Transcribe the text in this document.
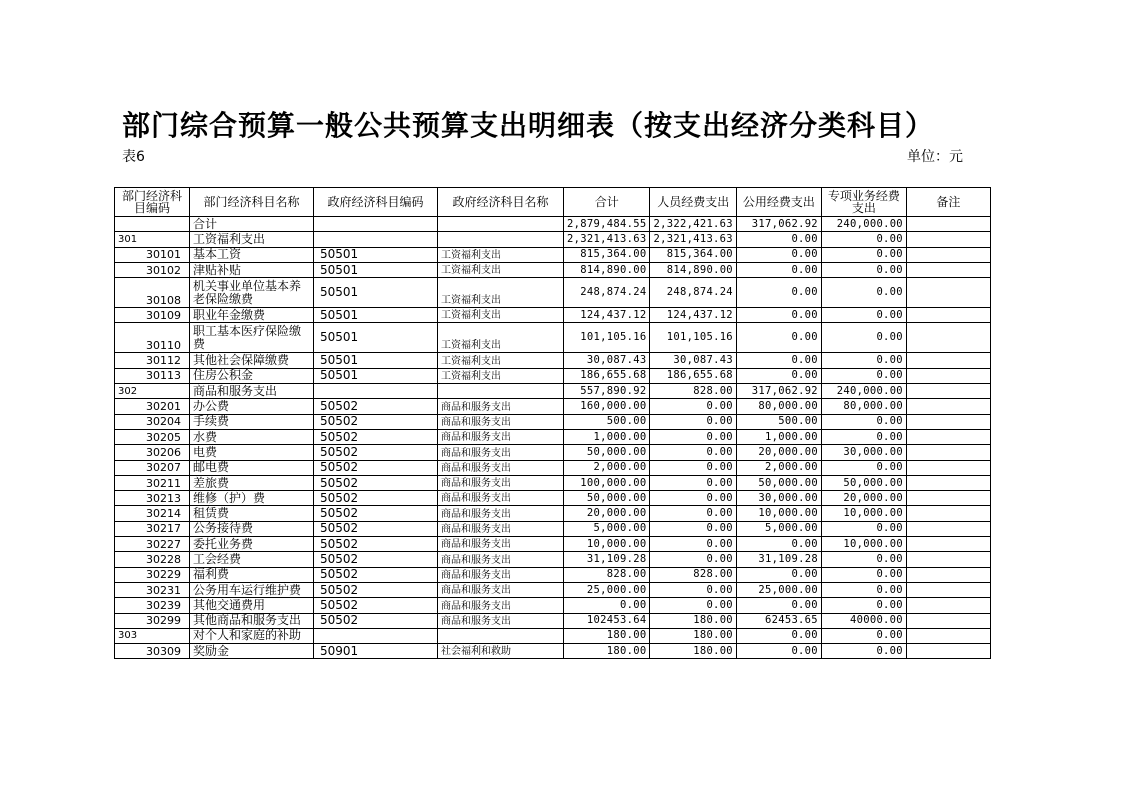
部门综合预算一般公共预算支出明细表（按支出经济分类科目）
表6	单位：元
部门经济科目编码	部门经济科目名称	政府经济科目编码	政府经济科目名称	合计	人员经费支出	公用经费支出	专项业务经费支出	备注
	合计			2,879,484.55	2,322,421.63	317,062.92	240,000.00	
301	工资福利支出			2,321,413.63	2,321,413.63	0.00	0.00	
30101	基本工资	50501	工资福利支出	815,364.00	815,364.00	0.00	0.00	
30102	津贴补贴	50501	工资福利支出	814,890.00	814,890.00	0.00	0.00	
30108	机关事业单位基本养老保险缴费	50501	工资福利支出	248,874.24	248,874.24	0.00	0.00	
30109	职业年金缴费	50501	工资福利支出	124,437.12	124,437.12	0.00	0.00	
30110	职工基本医疗保险缴费	50501	工资福利支出	101,105.16	101,105.16	0.00	0.00	
30112	其他社会保障缴费	50501	工资福利支出	30,087.43	30,087.43	0.00	0.00	
30113	住房公积金	50501	工资福利支出	186,655.68	186,655.68	0.00	0.00	
302	商品和服务支出			557,890.92	828.00	317,062.92	240,000.00	
30201	办公费	50502	商品和服务支出	160,000.00	0.00	80,000.00	80,000.00	
30204	手续费	50502	商品和服务支出	500.00	0.00	500.00	0.00	
30205	水费	50502	商品和服务支出	1,000.00	0.00	1,000.00	0.00	
30206	电费	50502	商品和服务支出	50,000.00	0.00	20,000.00	30,000.00	
30207	邮电费	50502	商品和服务支出	2,000.00	0.00	2,000.00	0.00	
30211	差旅费	50502	商品和服务支出	100,000.00	0.00	50,000.00	50,000.00	
30213	维修（护）费	50502	商品和服务支出	50,000.00	0.00	30,000.00	20,000.00	
30214	租赁费	50502	商品和服务支出	20,000.00	0.00	10,000.00	10,000.00	
30217	公务接待费	50502	商品和服务支出	5,000.00	0.00	5,000.00	0.00	
30227	委托业务费	50502	商品和服务支出	10,000.00	0.00	0.00	10,000.00	
30228	工会经费	50502	商品和服务支出	31,109.28	0.00	31,109.28	0.00	
30229	福利费	50502	商品和服务支出	828.00	828.00	0.00	0.00	
30231	公务用车运行维护费	50502	商品和服务支出	25,000.00	0.00	25,000.00	0.00	
30239	其他交通费用	50502	商品和服务支出	0.00	0.00	0.00	0.00	
30299	其他商品和服务支出	50502	商品和服务支出	102453.64	180.00	62453.65	40000.00	
303	对个人和家庭的补助			180.00	180.00	0.00	0.00	
30309	奖励金	50901	社会福利和救助	180.00	180.00	0.00	0.00	
